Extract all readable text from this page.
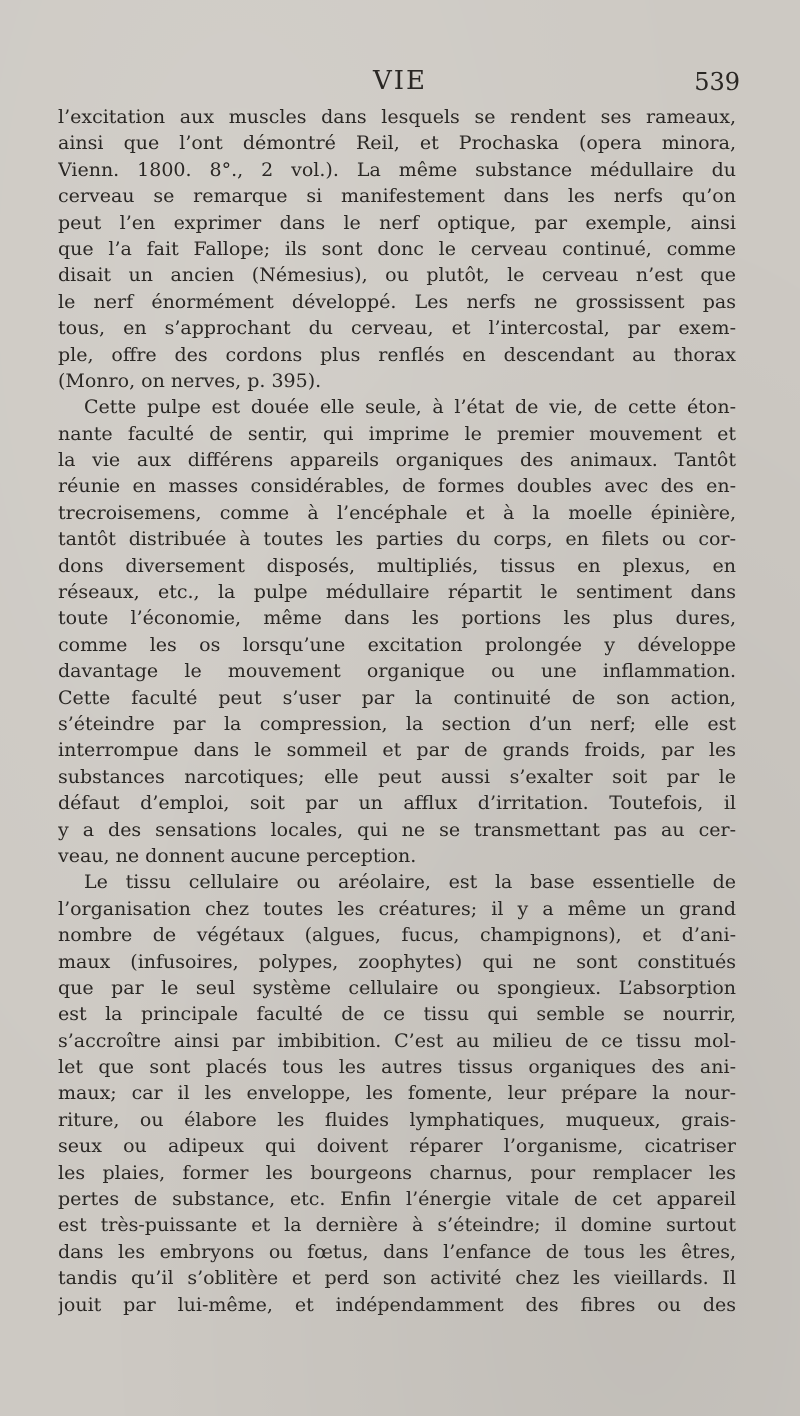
VIE	539
l’excitation aux muscles dans lesquels se rendent ses rameaux,
ainsi que l’ont démontré Reil, et Prochaska (opera minora,
Vienn. 1800. 8°., 2 vol.). La même substance médullaire du
cerveau se remarque si manifestement dans les nerfs qu’on
peut l’en exprimer dans le nerf optique, par exemple, ainsi
que l’a fait Fallope; ils sont donc le cerveau continué, comme
disait un ancien (Némesius), ou plutôt, le cerveau n’est que
le nerf énormément développé. Les nerfs ne grossissent pas
tous, en s’approchant du cerveau, et l’intercostal, par exem-
ple, offre des cordons plus renflés en descendant au thorax
(Monro, on nerves, p. 395).
Cette pulpe est douée elle seule, à l’état de vie, de cette éton-
nante faculté de sentir, qui imprime le premier mouvement et
la vie aux différens appareils organiques des animaux. Tantôt
réunie en masses considérables, de formes doubles avec des en-
trecroisemens, comme à l’encéphale et à la moelle épinière,
tantôt distribuée à toutes les parties du corps, en filets ou cor-
dons diversement disposés, multipliés, tissus en plexus, en
réseaux, etc., la pulpe médullaire répartit le sentiment dans
toute l’économie, même dans les portions les plus dures,
comme les os lorsqu’une excitation prolongée y développe
davantage le mouvement organique ou une inflammation.
Cette faculté peut s’user par la continuité de son action,
s’éteindre par la compression, la section d’un nerf; elle est
interrompue dans le sommeil et par de grands froids, par les
substances narcotiques; elle peut aussi s’exalter soit par le
défaut d’emploi, soit par un afflux d’irritation. Toutefois, il
y a des sensations locales, qui ne se transmettant pas au cer-
veau, ne donnent aucune perception.
Le tissu cellulaire ou aréolaire, est la base essentielle de
l’organisation chez toutes les créatures; il y a même un grand
nombre de végétaux (algues, fucus, champignons), et d’ani-
maux (infusoires, polypes, zoophytes) qui ne sont constitués
que par le seul système cellulaire ou spongieux. L’absorption
est la principale faculté de ce tissu qui semble se nourrir,
s’accroître ainsi par imbibition. C’est au milieu de ce tissu mol-
let que sont placés tous les autres tissus organiques des ani-
maux; car il les enveloppe, les fomente, leur prépare la nour-
riture, ou élabore les fluides lymphatiques, muqueux, grais-
seux ou adipeux qui doivent réparer l’organisme, cicatriser
les plaies, former les bourgeons charnus, pour remplacer les
pertes de substance, etc. Enfin l’énergie vitale de cet appareil
est très-puissante et la dernière à s’éteindre; il domine surtout
dans les embryons ou fœtus, dans l’enfance de tous les êtres,
tandis qu’il s’oblitère et perd son activité chez les vieillards. Il
jouit par lui-même, et indépendamment des fibres ou des
